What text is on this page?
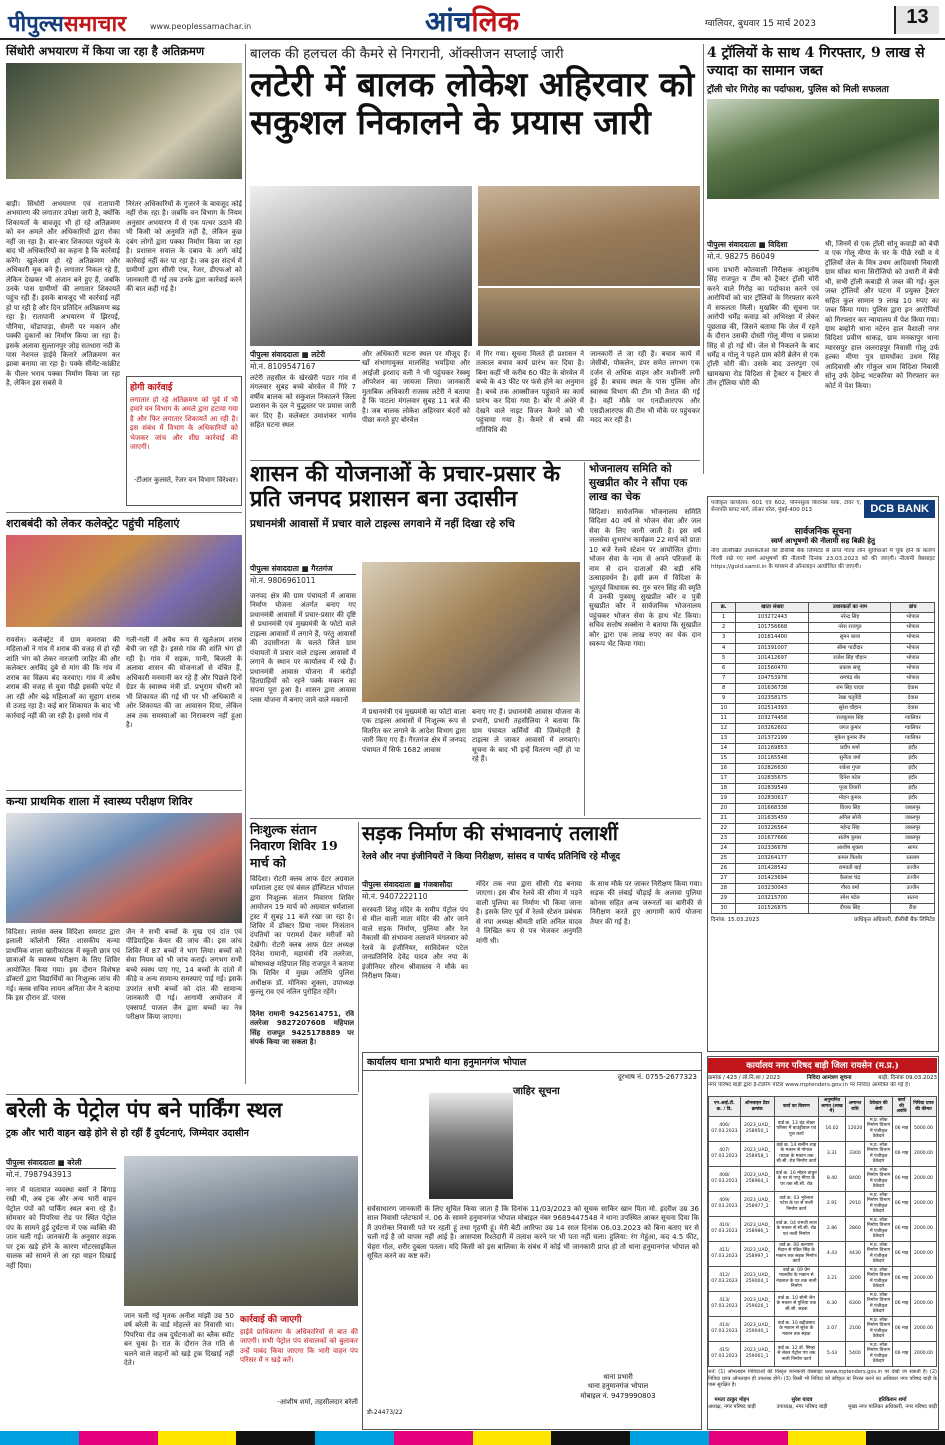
पीपुल्ससमाचार	www.peoplessamachar.in	आंचलिक	ग्वालियर, बुधवार 15 मार्च 2023	13
सिंधोरी अभयारण में किया जा रहा है अतिक्रमण
बाड़ी। सिंधोरी अभयारण एवं रातापानी अभयारण की लगातार उपेक्षा जारी है, क्योंकि शिकायतों के बावजूद भी हो रहे अतिक्रमण को वन अमले और अधिकारियों द्वारा रोका नहीं जा रहा है। बार-बार शिकायत पहुंचने के बाद भी अधिकारियों का कहना है कि कार्रवाई करेंगे। खुलेआम हो रहे अतिक्रमण और अधिकारी मूक बने हैं। लगातार निकल रहे हैं, लेकिन देखकर भी अंजान बने हुए हैं, जबकि उनके पास ग्रामीणों की लगातार शिकायतें पहुंच रही हैं। इसके बावजूद भी कार्रवाई नहीं हो पा रही है और दिन प्रतिदिन अतिक्रमण बढ़ रहा है। रातापानी अभयारण में झिरपई, पौनिया, चोंडापाड़ा, सेमरी पर मकान और पक्की दुकानों का निर्माण किया जा रहा है। इसके अलावा सुल्तानपुर जोड़ सतधारा नदी के पास नेशनल हाईवे किनारे अतिक्रमण कर झाबा बनाया जा रहा है। पक्के सीमेंट-कांक्रीट के पीलर भराव पक्का निर्माण किया जा रहा है, लेकिन इस सबसे वे
निरंतर अधिकारियों के गुजरने के बावजूद कोई नहीं रोक रहा है। जबकि वन विभाग के नियम अनुसार अभयारण में से एक पत्थर उठाने की भी किसी को अनुमति नहीं है, लेकिन कुछ दबंग लोगों द्वारा पक्का निर्माण किया जा रहा है। प्रशासन सवाल के दबाव के आगे कोई कार्रवाई नहीं कर पा रहा है। जब इस संदर्भ में ग्रामीणों द्वारा सीसी एफ, रेंजर, डीएफओ को जानकारी दी गई तब उनके द्वारा कार्रवाई करने की बात कही गई है।
होगी कार्रवाई
लगातार हो रहे अतिक्रमण को पूर्व में भी हमारे वन विभाग के अमले द्वारा हटाया गया है और फिर लगातार शिकायतें आ रही है। इस संबंध में विभाग के अधिकारियों को भेजकर जांच और शीघ्र कार्रवाई की जाएगी।
-टीआर कुलस्ते, रेंजर वन विभाग विरेश्वर।
शराबबंदी को लेकर कलेक्ट्रेट पहुंची महिलाएं
रायसेन। कलेक्ट्रेट में ग्राम कमरावा की महिलाओं ने गांव में शराब की वजह से हो रही शांति भंग को लेकर नारजगी जाहिर की और कलेक्टर अरविंद दुबे से मांग की कि गांव में शराब का विक्रय बंद करवाए। गांव में अवैध शराब की वजह से युवा पीढ़ी इसकी चपेट में आ रही और बढ़े महिलाओं का सुहाग शराब से उजड़ रहा है। कई बार शिकायत के बाद भी कार्रवाई नहीं की जा रही है। इससे गांव में
गली-गली में अवैध रूप से खुलेआम शराब बेची जा रही है। इससे गांव की शांति भंग हो रही है। गांव में सड़क, पानी, बिजली के अलावा शासन की योजनाओं से वंचित हैं, अधिकारी मनमानी कर रहे हैं और पिछले दिनों ग्रेडर के स्वास्थ्य मंत्री डॉ. प्रभुराम चौधरी को भी शिकायत की गई थी पर भी अधिकारी व ओर शिकायत की जा आवासन दिया, लेकिन अब तक समस्याओं का निराकरण नहीं हुआ है।
कन्या प्राथमिक शाला में स्वास्थ्य परीक्षण शिविर
विदिशा। लायंस क्लब विदिशा समराट द्वारा इलाली कॉलोनी स्थित शासकीय कन्या प्राथमिक शाला खारीफाटक में स्कूली छात्र एवं छात्राओं के स्वास्थ्य परीक्षण के लिए शिविर आयोजित किया गया। इस दौरान विशेषज्ञ डॉक्टरों द्वारा विद्यार्थियों का निःशुल्क जांच की गई। क्लब सचिव लायन अनिता जैन ने बताया कि इस दौरान डॉ. पारस
जैन ने सभी बच्चों के मुख एवं दांत एवं पीडियाट्रिक केयर की जांच की। इस जांच शिविर में 87 बच्चों ने भाग लिया। बच्चों को सेवा नियम को भी जांच कराई। लगभग सभी बच्चे स्वस्थ पाए गए, 14 बच्चों के दांतों में कीड़े व अन्य सामान्य समस्याएं पाई गईं। इसके उपरांत सभी बच्चों को दांत की सामान्य जानकारी दी गई। आगामी आयोजन में एक्सपर्ट पाजल जैन द्वारा बच्चों का नेत्र परीक्षण किया जाएगा।
बालक की हलचल की कैमरे से निगरानी, ऑक्सीजन सप्लाई जारी
लटेरी में बालक लोकेश अहिरवार को सकुशल निकालने के प्रयास जारी
पीपुल्स संवाददाता ■ लटेरी
मो.नं. 8109547167
लटेरी तहसील के खेरखेरी पठार गांव में मंगलवार सुबह बच्चे बोरवेल में गिरे 7 वर्षीय बालक को सकुशल निकालने जिला प्रशासन के दल ने युद्धस्तर पर प्रयास जारी कर दिए हैं। कलेक्टर उमाशंकर भार्गव सहित घटना स्थल
और अधिकारी घटना स्थल पर मौजूद हैं। खाँ संभागायुक्त मालसिंह भयड़िया और आईजी इरशाद वली ने भी पहुंचकर रेस्क्यू ऑपरेशन का जायजा लिया। जानकारी मुताबिक अधिकारी राजस्व लटेरी ने बताया है कि पाटला मंगलवार सुबह 11 बजे की है। जब बालक लोकेश अहिरवार बंदरों को पीछा करते हुए बोरवेल
में गिर गया। सूचना मिलते ही प्रशासन ने तत्काल बचाव कार्य प्रारंभ कर दिया है। बिना कहीं भी करीब 60 फीट के बोरवेल में बच्चे के 43 फीट पर फंसे होने का अनुमान है। बच्चे तक आक्सीजन पहुंचाने का कार्य प्रारंभ कर दिया गया है। बोर में अंधेरे में देखने वाले नाइट विजन कैमरे को भी पहुंचाया गया है। कैमरे से बच्चे की गतिविधि की
जानकारी ले जा रही है। बचाव कार्य में जेसीबी, पोकलेन, डंपर समेत लगभग एक दर्जन से अधिक वाहन और मशीनरी लगी हुई हैं। बचाव स्थल के पास पुलिस और स्वास्थ्य विभाग की टीम भी तैनात की गई है। वहीं मौके पर एनडीआरएफ और एसडीआरएफ की टीम भी मौके पर पहुंचकर मदद कर रही है।
4 ट्रॉलियों के साथ 4 गिरफ्तार, 9 लाख से ज्यादा का सामान जब्त
ट्रॉली चोर गिरोह का पर्दाफाश, पुलिस को मिली सफलता
पीपुल्स संवाददाता ■ विदिशा
मो.नं. 98275 86049
थाना प्रभारी कोतवाली निरीक्षक आशुतोष सिंह राजपूत व टीम को ट्रैक्टर ट्रॉली चोरी करने वाले गिरोह का पर्दाफाश करने एवं आरोपियों को चार ट्रॉलियों के गिरफ्तार करने में सफलता मिली। मुखबिर की सूचना पर आरोपी धर्मेंद्र कवाड़ को अभिरक्षा में लेकर पूछताछ की, जिसने बताया कि जेल में रहने के दौरान उसकी दोस्ती गोलू मीणा व प्रकाश सिंह से हो गई थी। जेल से निकलने के बाद धर्मेंद्र व गोलू ने पहले ग्राम कोरी ब्रेलेन से एक ट्रॉली चोरी की। उसके बाद उत्तरपुरा एवं खामखया रोड विदिशा से ट्रैक्टर व ट्रैक्टर से तीन ट्रॉलिया चोरी की
थी, जिनमें से एक ट्रॉली सोनू कवाड़ी को बेची व एक गोलू मीणा के घर के पीछे रखी व ये ट्रॉलियाँ जेल के मित्र उधम आदिवासी निवासी ग्राम घोंका थाना सिरोंजियो को उधारी में बेची थी, सभी ट्रॉली कबाड़ी से जब्त की गई। कुल जब्त ट्रॉलियों और घटना में प्रयुक्त ट्रैक्टर सहित कुल सामान 9 लाख 10 रुपए का जब्त किया गया। पुलिस द्वारा इन आरोपियों को गिरफ्तार कर न्यायालय में पेश किया गया। ग्राम बम्होरी थाना नटेरन हाल वैशाली नगर विदिशा प्रवीण धाकड़, ग्राम मनकापुर थाना ग्यारसपुर हाल जलराहपुर निवासी गोलू उर्फ हल्का मीणा पुत्र ग्रामघोंका उधम सिंह आदिवासी और गोकुल धाम विदिशा निवासी सोनू उर्फ देवेन्द्र भटकरिया को गिरफ्तार कर कोर्ट में पेश किया।
शासन की योजनाओं के प्रचार-प्रसार के प्रति जनपद प्रशासन बना उदासीन
प्रधानमंत्री आवासों में प्रचार वाले टाइल्स लगवाने में नहीं दिखा रहे रुचि
पीपुल्स संवाददाता ■ गैरतगंज
मो.नं. 9806961011
जनपद क्षेत्र की ग्राम पंचायतों में आवास निर्माण योजना अंतर्गत बनाए गए प्रधानमंत्री आवासों में प्रचार-प्रसार की दृष्टि से प्रधानमंत्री एवं मुख्यमंत्री के फोटो वाले टाइल्स आवासों में लगाने हैं, परंतु आवासों की उदासीनता के चलते जिले ग्राम पंचायतों में प्रचार वाले टाइल्स आवासों में लगाने के स्थान पर कार्यालय में रखे हैं। प्रधानमंत्री आवास योजना में करोड़ों हितग्राहियों को रहने पक्के मकान का सपना पूरा हुआ है। शासन द्वारा आवास प्लस योजना में बनाए जाने वाले मकानों
में प्रधानमंत्री एवं मुख्यमंत्री का फोटो वाला एक टाइल्स आवासों में निःशुल्क रूप से वितरित कर लगाने के आदेश विभाग द्वारा जारी किए गए हैं। गैरतगंज क्षेत्र में जनपद पंचायत में सिर्फ 1682 आवास
बनाए गए हैं। प्रधानमंत्री आवास योजना के प्रभारी, प्रभारी तहसीलिया ने बताया कि ग्राम पंचायत कर्मियों की जिम्मेदारी है टाइल्स ले जाकर आवासों में लगवाएं। सूचना के बाद भी इन्हें वितरण नहीं हो पा रहे हैं।
भोजनालय समिति को सुखप्रीत कौर ने सौंपा एक लाख का चेक
विदिशा। सार्वजनिक भोजनालय समिति विदिशा 40 वर्ष से भोजन सेवा और जल सेवा के लिए जानी जाती है। इस वर्ष जलसेवा शुभारंभ कार्यक्रम 22 मार्च को प्रातः 10 बजे रेलवे स्टेशन पर आयोजित होगा। भोजन सेवा के नाम से अपने परिजनों के नाम से दान दाताओं की बड़ी रुचि उत्साहवर्धन है। इसी क्रम में विदिशा के भूतपूर्व विधायक स्व. गुरु चरन सिंह की स्मृति में उनकी पुत्रवधू सुखप्रीत कौर व पुत्री सुखप्रीत कौर ने सार्वजनिक भोजनालय पहुंचकर भोजन सेवा के हाथ भेंट किया। सचिव सत्तोष सक्सेना ने बताया कि सुखप्रीत कौर द्वारा एक लाख रुपए का चेक दान स्वरूप भेंट किया गया।
पंजीकृत कार्यालय: 601 एवं 602, पेनिनसुला बिजनेस पार्क, टॉवर ए, सेनापति बापट मार्ग, लोअर परेल, मुंबई-400 013	DCB BANK
सार्वजनिक सूचना
स्वर्ण आभूषणों की नीलामी सह बिक्री हेतु
नीचे उल्लिखित उधारकर्ताओं को डीसीबी बैंक लिमिटेड से प्राप्त गोल्ड लोन सुविधाओं में चूक होने के कारण गिरवी रखे गए स्वर्ण आभूषणों की नीलामी दिनांक 23.03.2023 को की जाएगी। नीलामी वेबसाइट https://gold.samil.in के माध्यम से ऑनलाइन आयोजित की जाएगी।
क्र.	खाता संख्या	उधारकर्ता का नाम	ब्रांच
1	103272443	नरेन्द्र सिंह	भोपाल
2	101756668	नरेश राजपूत	भोपाल
3	101814400	सुमन बाला	भोपाल
4	101391007	सीमा पाटीदार	भोपाल
5	101412697	राजेश सिंह चौहान	भोपाल
6	101560470	प्रकाश साहू	भोपाल
7	104753978	रामचंद्र बोर	भोपाल
8	101636738	राम सिंह यादव	देवास
9	102358175	रेखा चतुर्वेदी	देवास
10	102514393	सुरेश चौहान	देवास
11	103274458	राजकुमार सिंह	ग्वालियर
12	103262602	जगत कुमार	ग्वालियर
13	101372199	मुकेश कुमार जैन	ग्वालियर
14	101169853	प्रदीप शर्मा	इंदौर
15	101165548	सुनीता वर्मा	इंदौर
16	102826630	राकेश गुप्ता	इंदौर
17	102835675	दिनेश पटेल	इंदौर
18	102839549	पूजा तिवारी	इंदौर
19	102830617	मोहन कुमार	इंदौर
20	101668338	विजय सिंह	जबलपुर
21	101635459	अनिल सोनी	जबलपुर
22	103226564	महेन्द्र सिंह	जबलपुर
23	101677666	संतोष कुमार	जबलपुर
24	102336678	आशीष शुक्ला	सागर
25	103264177	कमल किशोर	रतलाम
26	101428542	रामवती बाई	उज्जैन
27	101423694	कैलाश चंद्र	उज्जैन
28	103230043	गौरव वर्मा	उज्जैन
29	103215700	रमेश पटेल	सतना
30	101526875	दीपक सिंह	रीवा
दिनांक: 15.03.2023	प्राधिकृत अधिकारी, डीसीबी बैंक लिमिटेड
निःशुल्क संतान निवारण शिविर 19 मार्च को
विदिशा। रोटरी क्लब आफ ग्रेटर अग्रवाल धर्मशाला ट्रस्ट एवं बंसल हॉस्पिटल भोपाल द्वारा निःशुल्क संतान निवारण शिविर आयोजन 19 मार्च को अग्रवाल धर्मशाला ट्रस्ट में सुबह 11 बजे रखा जा रहा है। शिविर में डॉक्टर प्रिया नायर निःसंतान दंपतियों का परामर्श देकर मरीजों को देखेंगी। रोटरी क्लब आफ ग्रेटर अध्यक्ष दिनेश रामानी, महामंत्री रवि तलरेजा, कोषाध्यक्ष महिपाल सिंह राजपूत ने बताया कि शिविर में मुख्य अतिथि पुलिस अधीक्षक डॉ. मोनिका शुक्ला, उपाध्यक्ष कुल्लू राव एवं नलिन पुरोहित रहेंगे।
दिनेश रामानी 9425614751, रवि तलरेजा 9827207608 महिपाल सिंह राजपूत 9425178889 पर संपर्क किया जा सकता है।
सड़क निर्माण की संभावनाएं तलाशीं
रेलवे और नपा इंजीनियरों ने किया निरीक्षण, सांसद व पार्षद प्रतिनिधि रहे मौजूद
पीपुल्स संवाददाता ■ गंजबासौदा
मो.नं. 9407222110
सरस्वती शिशु मंदिर के समीप पेट्रोल पंप से मील वाली माता मंदिर की ओर जाने वाले सड़क निर्माण, पुलिया और रेल नैकासी की संभावना तलाशने मंगलवार को रेलवे के इंजीनियर, साविदेकर पटेल जनप्रतिनिधि देवेंद्र यादव और नपा के इंजीनियर सौरभ श्रीवास्तव ने मौके का निरीक्षण किया।
मंदिर तक नपा द्वारा सीसी रोड बनाया जाएगा। इस बीच रेलवे की सीमा में पड़ने वाली पुलिया का निर्माण भी किया जाना है। इसके लिए पूर्व में रेलवे स्टेशन प्रबंधक से नपा अध्यक्ष श्रीमती शशि अनिल यादव ने लिखित रूप से पत्र भेजकर अनुमति मांगी थी।
के साथ मौके पर जाकर निरीक्षण किया गया। सड़क की लंबाई चौड़ाई के अलावा पुलिया कोनस सहित अन्य जरूरतों का बारीकी से निरीक्षण करते हुए आगामी कार्य योजना तैयार की गई है।
कार्यालय थाना प्रभारी थाना हनुमानगंज भोपाल
दूरभाष नं. 0755-2677323
जाहिर सूचना
सर्वसाधारण जानकारी के लिए सूचित किया जाता है कि दिनांक 11/03/2023 को सूचक साकिर खान पिता मो. इदरीश उम्र 36 साल निवासी प्लेटफार्म नं. 06 के सामने हनुमानगंज भोपाल मोबाइल नंबर 9689447548 ने थाना उपस्थित आकर सूचना दिया कि मैं उपरोक्त निवासी पते पर रहती हूं तथा गृहणी हूं। मेरी बेटी आरिफा उम्र 14 साल दिनांक 06.03.2023 को बिना बताए घर से चली गई है जो वापस नहीं आई है। आसपास रिश्तेदारी में तलाश करने पर भी पता नहीं चला। हुलिया: रंग गेहुंआ, कद 4.5 फीट, चेहरा गोल, शरीर दुबला पतला। यदि किसी को इस बालिका के संबंध में कोई भी जानकारी प्राप्त हो तो थाना हनुमानगंज भोपाल को सूचित करने का कष्ट करें।
डी-24473/22
थाना प्रभारी
थाना हनुमानगंज भोपाल
मोबाइल नं. 9479990803
बरेली के पेट्रोल पंप बने पार्किंग स्थल
ट्रक और भारी वाहन खड़े होने से हो रहीं हैं दुर्घटनाएं, जिम्मेदार उदासीन
पीपुल्स संवाददाता ■ बरेली
मो.नं. 7987943913
नगर में यातायात व्यवस्था बसों ने बिगाड़ रखी थी, अब ट्रक और अन्य भारी वाहन पेट्रोल पंपों को पार्किंग स्थल बना रहे हैं। सोमवार को पिपरिया रोड पर स्थित पेट्रोल पंप के सामने हुई दुर्घटना में एक व्यक्ति की जान चली गई। जानकारी के अनुसार सड़क पर ट्रक खड़े होने के कारण मोटरसाइकिल चालक को सामने से आ रहा वाहन दिखाई नहीं दिया।
जान चली गई मृतक अनीश मांझी उम्र 50 वर्ष बरेली के वार्ड मोहल्ले का निवासी था। पिपरिया रोड अब दुर्घटनाओं का ब्लैक स्पॉट बन चुका है। रात के दौरान तेज गति से चलने वाले वाहनों को खड़े ट्रक दिखाई नहीं देते।
कार्रवाई की जाएगी
हाईवे प्राधिकरण के अधिकारियों से बात की जाएगी। सभी पेट्रोल पंप संचालकों को बुलाकर उन्हें पाबंद किया जाएगा कि भारी वाहन पंप परिसर में न खड़े करें।
-आशीष शर्मा, तहसीलदार बरेली
कार्यालय नगर परिषद बाड़ी जिला रायसेन (म.प्र.)
क्रमांक / 423 / लो.नि.शा / 2023	निविदा आमंत्रण सूचना	बाड़ी, दिनांक 09.03.2023
नगर परिषद बाड़ी द्वारा ई-टेंडरिंग पोर्टल www.mptenders.gov.in पर निविदा आमंत्रित की गई है।
एन.आई.टी. क्र. / दि.	ऑनलाइन टेंडर क्रमांक	कार्य का विवरण	अनुमानित लागत (लाख में)	अमानत राशि	ठेकेदार की श्रेणी	कार्य की अवधि	निविदा प्रपत्र की कीमत
406/ 07.03.2023	2023_UAD_ 258950_1	वार्ड क्र. 13 चंद्र शेखर परिसर में बाउंड्रीवाल एवं पुल कार्य	16.02	12020	म.प्र. लोक निर्माण विभाग में पंजीकृत ठेकेदार	06 माह	5000.00
407/ 07.03.2023	2023_UAD_ 258958_1	वार्ड क्र. 14 सलीम शाह के मकान से गोपाल पाठक के मकान तक सी.सी. रोड निर्माण कार्य	3.31	3300	म.प्र. लोक निर्माण विभाग में पंजीकृत ठेकेदार	06 माह	2000.00
408/ 07.03.2023	2023_UAD_ 258964_1	वार्ड क्र. 16 मोहन ठाकुर के घर से पप्पू मीणा के घर तक सी.सी. रोड	8.40	8400	म.प्र. लोक निर्माण विभाग में पंजीकृत ठेकेदार	06 माह	2000.00
409/ 07.03.2023	2023_UAD_ 258977_1	वार्ड क्र. 03 भूरेलाल पटेल के घर से नाली निर्माण कार्य	2.91	2910	म.प्र. लोक निर्माण विभाग में पंजीकृत ठेकेदार	06 माह	2000.00
410/ 07.03.2023	2023_UAD_ 258986_1	वार्ड क्र. 04 रामजी लाल के मकान से सी.सी. रोड एवं नाली निर्माण	2.86	2860	म.प्र. लोक निर्माण विभाग में पंजीकृत ठेकेदार	06 माह	2000.00
411/ 07.03.2023	2023_UAD_ 258997_1	वार्ड क्र. 06 कल्याण मैदान से पंडित सिंह के मकान तक सड़क निर्माण कार्य	4.43	4430	म.प्र. लोक निर्माण विभाग में पंजीकृत ठेकेदार	06 माह	2000.00
412/ 07.03.2023	2023_UAD_ 259004_1	वार्ड क्र. 09 प्रेम मालवीय के मकान से नंदलाल के घर तक नाली निर्माण	3.21	3200	म.प्र. लोक निर्माण विभाग में पंजीकृत ठेकेदार	06 माह	2000.00
413/ 07.03.2023	2023_UAD_ 259026_1	वार्ड क्र. 10 सोनी जैन के मकान से पुलिया तक सी.सी. सड़क	6.30	6300	म.प्र. लोक निर्माण विभाग में पंजीकृत ठेकेदार	06 माह	2000.00
414/ 07.03.2023	2023_UAD_ 259040_1	वार्ड क्र. 10 बद्रीप्रसाद के मकान से सुरेश के मकान तक सड़क	2.07	2100	म.प्र. लोक निर्माण विभाग में पंजीकृत ठेकेदार	06 माह	2000.00
415/ 07.03.2023	2023_UAD_ 259061_1	वार्ड क्र. 12 डॉ. सिन्हा से लेकर पेट्रोल पंप तक नाली निर्माण कार्य	5.43	5400	म.प्र. लोक निर्माण विभाग में पंजीकृत ठेकेदार	06 माह	2000.00
शर्तें: (1) ऑनलाइन निविदाओं की विस्तृत जानकारी वेबसाइट www.mptenders.gov.in पर देखी जा सकती है। (2) निविदा प्रपत्र ऑनलाइन ही उपलब्ध होंगे। (3) किसी भी निविदा को स्वीकृत या निरस्त करने का अधिकार नगर परिषद बाड़ी के पास सुरक्षित है।
ममता ठाकुर मोहन
अध्यक्ष, नगर परिषद बाड़ी
सुरेश यादव
उपाध्यक्ष, नगर परिषद बाड़ी
हरिकिशन शर्मा
मुख्य नगर पालिका अधिकारी, नगर परिषद बाड़ी
